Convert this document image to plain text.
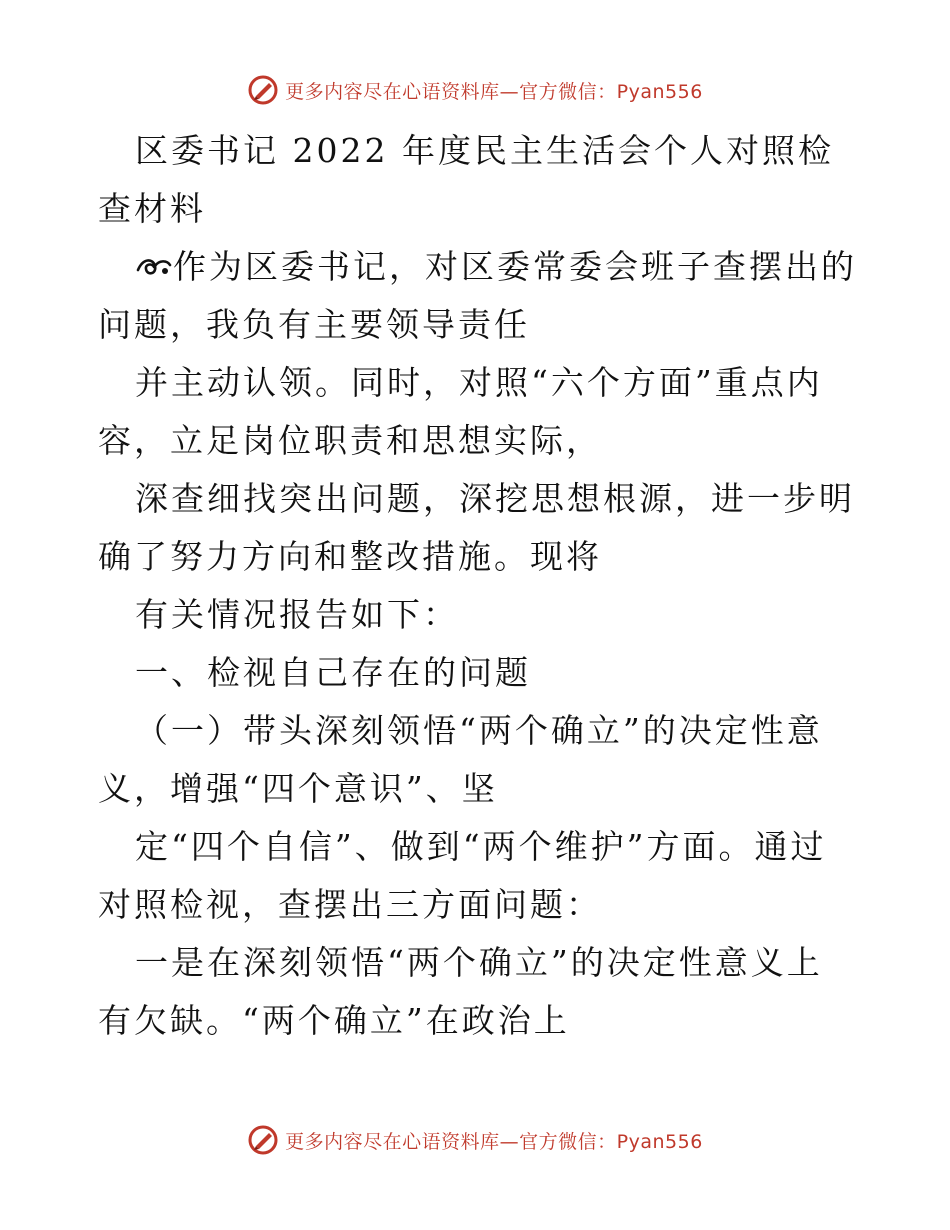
更多内容尽在心语资料库—官方微信：Pyan556

区委书记 2022 年度民主生活会个人对照检查材料

作为区委书记，对区委常委会班子查摆出的问题，我负有主要领导责任

并主动认领。同时，对照“六个方面”重点内容，立足岗位职责和思想实际，

深查细找突出问题，深挖思想根源，进一步明确了努力方向和整改措施。现将

有关情况报告如下：

一、检视自己存在的问题

（一）带头深刻领悟“两个确立”的决定性意义，增强“四个意识”、坚

定“四个自信”、做到“两个维护”方面。通过对照检视，查摆出三方面问题：

一是在深刻领悟“两个确立”的决定性意义上有欠缺。“两个确立”在政治上

更多内容尽在心语资料库—官方微信：Pyan556
